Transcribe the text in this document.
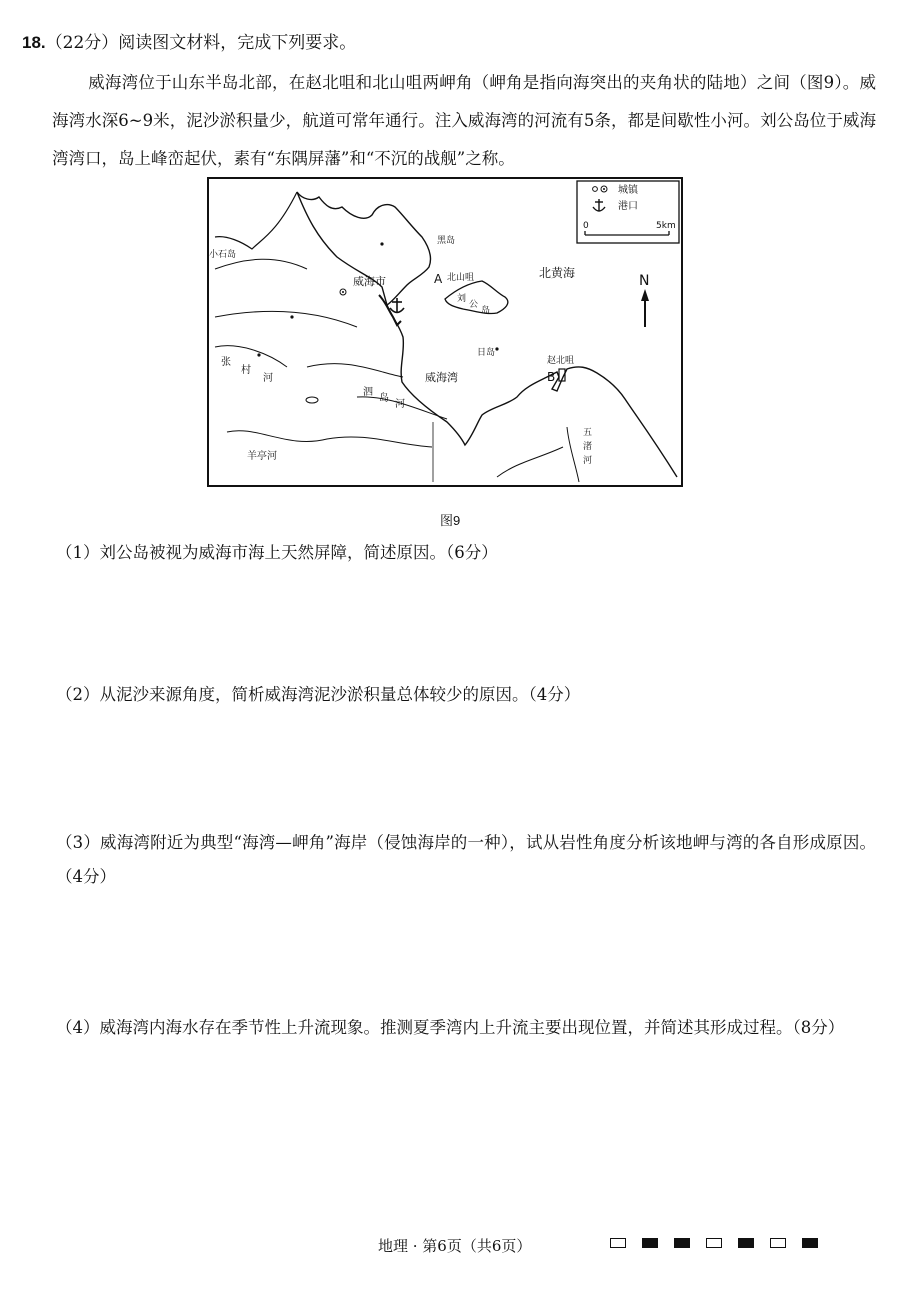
18.（22分）阅读图文材料，完成下列要求。
威海湾位于山东半岛北部，在赵北咀和北山咀两岬角（岬角是指向海突出的夹角状的陆地）之间（图9）。威海湾水深6~9米，泥沙淤积量少，航道可常年通行。注入威海湾的河流有5条，都是间歇性小河。刘公岛位于威海湾湾口，岛上峰峦起伏，素有“东隅屏藩”和“不沉的战舰”之称。
城镇
港口
0	5km
N
黑岛
小石岛
威海市	A 北山咀	北黄海
刘
公
岛
日岛
赵北咀
B
张
村
河	威海湾
泗
岛
河
羊亭河
五
渚
河
图9
（1）刘公岛被视为威海市海上天然屏障，简述原因。（6分）
（2）从泥沙来源角度，简析威海湾泥沙淤积量总体较少的原因。（4分）
（3）威海湾附近为典型“海湾—岬角”海岸（侵蚀海岸的一种），试从岩性角度分析该地岬与湾的各自形成原因。（4分）
（4）威海湾内海水存在季节性上升流现象。推测夏季湾内上升流主要出现位置，并简述其形成过程。（8分）
地理 · 第6页（共6页）
